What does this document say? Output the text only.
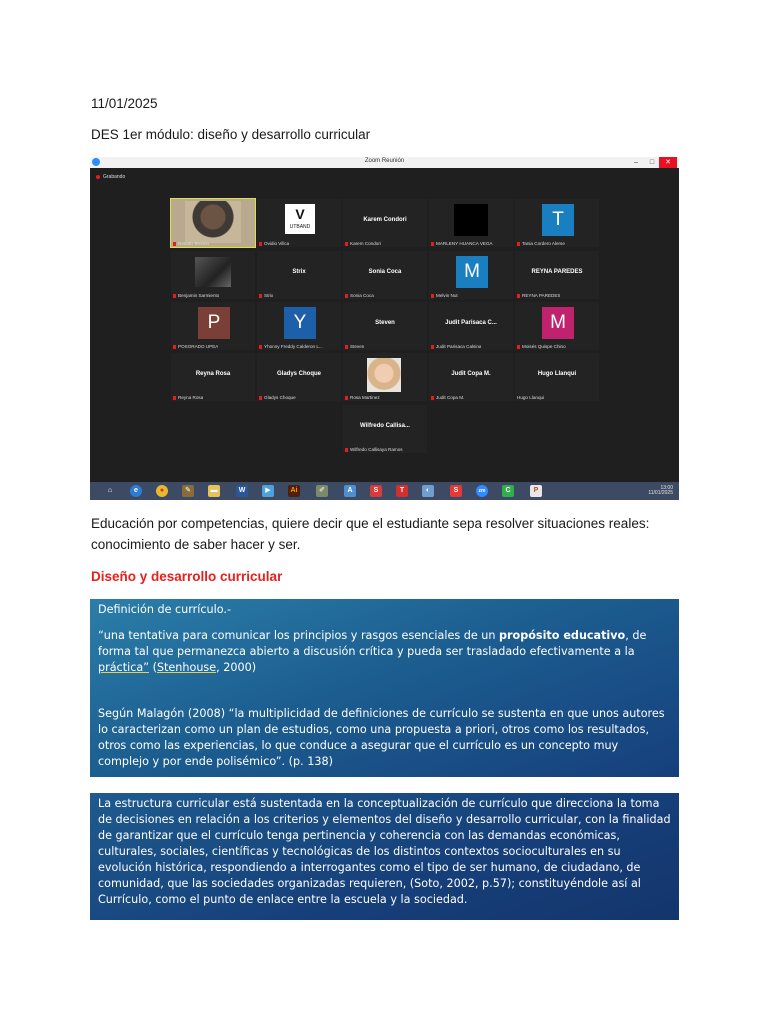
11/01/2025
DES 1er módulo: diseño y desarrollo curricular
Zoom Reunión	–	□	✕
Grabando
Renato Tenorio
V
UTBAND
Ovidio Villca
Karem Condori
Karem Condori	MARLENY HUANCA VEGA
T
Tania Cordero Alerse
Benjamin Sarmiento
Strix
Strix
Sonia Coca
Sonia Coca
M
Melvin Nut
REYNA PAREDES
REYNA PAREDES
P
POSGRADO UPEA
Y
Yhonny Freddy Calderon L...
Steven
Steven
Judit Parisaca C...
Judit Parisaca Calsina
M
Moisés Quispe Chino
Reyna Rosa
Reyna Rosa
Gladys Choque
Gladys Choque	Rosa Martinez
Judit Copa M.
Judit Copa M.
Hugo Llanqui
Hugo Llanqui
Wilfredo Callisa...
Wilfredo Callisaya Ramos
⌂	e	●	✎	▬	W	▶	Ai	✐	A	S	T	◐	S	zm	C	P	13:00
11/01/2025
Educación por competencias, quiere decir que el estudiante sepa resolver situaciones reales:
conocimiento de saber hacer y ser.
Diseño y desarrollo curricular

Definición de currículo.-

“una tentativa para comunicar los principios y rasgos esenciales de un propósito educativo, de forma tal que permanezca abierto a discusión crítica y pueda ser trasladado efectivamente a la práctica” (Stenhouse, 2000)

Según Malagón (2008) “la multiplicidad de definiciones de currículo se sustenta en que unos autores lo caracterizan como un plan de estudios, como una propuesta a priori, otros como los resultados, otros como las experiencias, lo que conduce a asegurar que el currículo es un concepto muy complejo y por ende polisémico”. (p. 138)

La estructura curricular está sustentada en la conceptualización de currículo que direcciona la toma de decisiones en relación a los criterios y elementos del diseño y desarrollo curricular, con la finalidad de garantizar que el currículo tenga pertinencia y coherencia con las demandas económicas, culturales, sociales, científicas y tecnológicas de los distintos contextos socioculturales en su evolución histórica, respondiendo a interrogantes como el tipo de ser humano, de ciudadano, de comunidad, que las sociedades organizadas requieren, (Soto, 2002, p.57); constituyéndole así al Currículo, como el punto de enlace entre la escuela y la sociedad.
